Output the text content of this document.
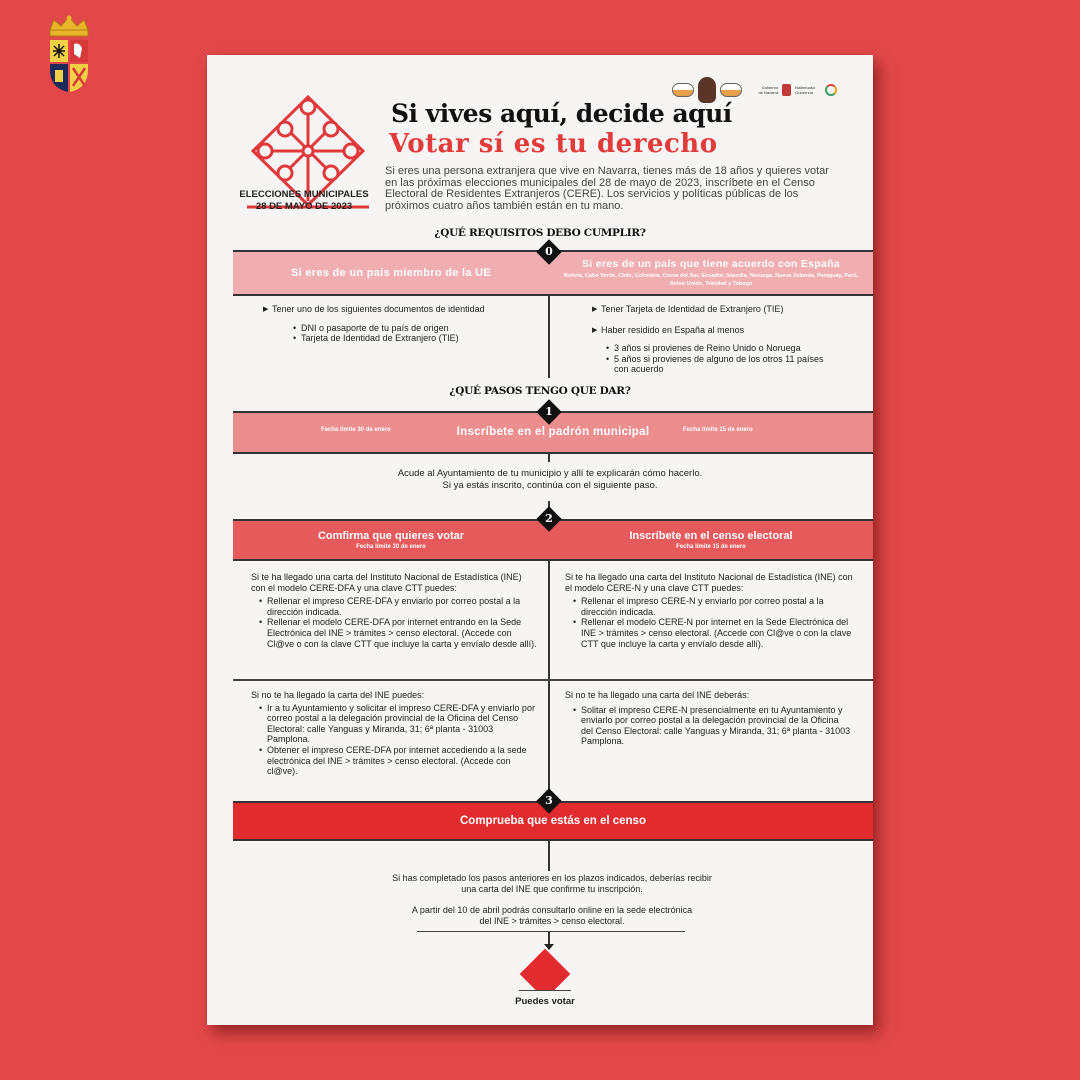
Gobierno
de Navarra
Nafarroako
Gobernua
ELECCIONES MUNICIPALES
28 DE MAYO DE 2023
Si vives aquí, decide aquí
Votar sí es tu derecho
Si eres una persona extranjera que vive en Navarra, tienes más de 18 años y quieres votar en las próximas elecciones municipales del 28 de mayo de 2023, inscríbete en el Censo Electoral de Residentes Extranjeros (CERE). Los servicios y políticas públicas de los próximos cuatro años también están en tu mano.
¿QUÉ REQUISITOS DEBO CUMPLIR?
Si eres de un país miembro de la UE
Si eres de un país que tiene acuerdo con España
Bolivia, Cabo Verde, Chile, Colombia, Corea del Sur, Ecuador, Islandia, Noruega, Nueva Zelanda, Paraguay, Perú, Reino Unido, Trinidad y Tobago
0
▶ Tener uno de los siguientes documentos de identidad
• DNI o pasaporte de tu país de origen
• Tarjeta de Identidad de Extranjero (TIE)
▶ Tener Tarjeta de Identidad de Extranjero (TIE)
▶ Haber residido en España al menos
• 3 años si provienes de Reino Unido o Noruega
• 5 años si provienes de alguno de los otros 11 países con acuerdo
¿QUÉ PASOS TENGO QUE DAR?
Fecha límite 30 de enero	Inscríbete en el padrón municipal	Fecha límite 15 de enero
1
Acude al Ayuntamiento de tu municipio y allí te explicarán cómo hacerlo.
Si ya estás inscrito, continúa con el siguiente paso.
Comfirma que quieres votar
Fecha límite 30 de enero
Inscríbete en el censo electoral
Fecha límite 15 de enero
2
Si te ha llegado una carta del Instituto Nacional de Estadística (INE) con el modelo CERE-DFA y una clave CTT puedes:
• Rellenar el impreso CERE-DFA y enviarlo por correo postal a la dirección indicada.
• Rellenar el modelo CERE-DFA por internet entrando en la Sede Electrónica del INE > trámites > censo electoral. (Accede con Cl@ve o con la clave CTT que incluye la carta y envíalo desde allí).
Si te ha llegado una carta del Instituto Nacional de Estadística (INE) con el modelo CERE-N y una clave CTT puedes:
• Rellenar el impreso CERE-N y enviarlo por correo postal a la dirección indicada.
• Rellenar el modelo CERE-N por internet en la Sede Electrónica del INE > trámites > censo electoral. (Accede con Cl@ve o con la clave CTT que incluye la carta y envíalo desde allí).
Si no te ha llegado la carta del INE puedes:
• Ir a tu Ayuntamiento y solicitar el impreso CERE-DFA y enviarlo por correo postal a la delegación provincial de la Oficina del Censo Electoral: calle Yanguas y Miranda, 31; 6ª planta - 31003 Pamplona.
• Obtener el impreso CERE-DFA por internet accediendo a la sede electrónica del INE > trámites > censo electoral. (Accede con cl@ve).
Si no te ha llegado una carta del INE deberás:
• Solitar el impreso CERE-N presencialmente en tu Ayuntamiento y enviarlo por correo postal a la delegación provincial de la Oficina del Censo Electoral: calle Yanguas y Miranda, 31; 6ª planta - 31003 Pamplona.
Comprueba que estás en el censo
3
Si has completado los pasos anteriores en los plazos indicados, deberías recibir una carta del INE que confirme tu inscripción.
A partir del 10 de abril podrás consultarlo online en la sede electrónica del INE > trámites > censo electoral.
Puedes votar
